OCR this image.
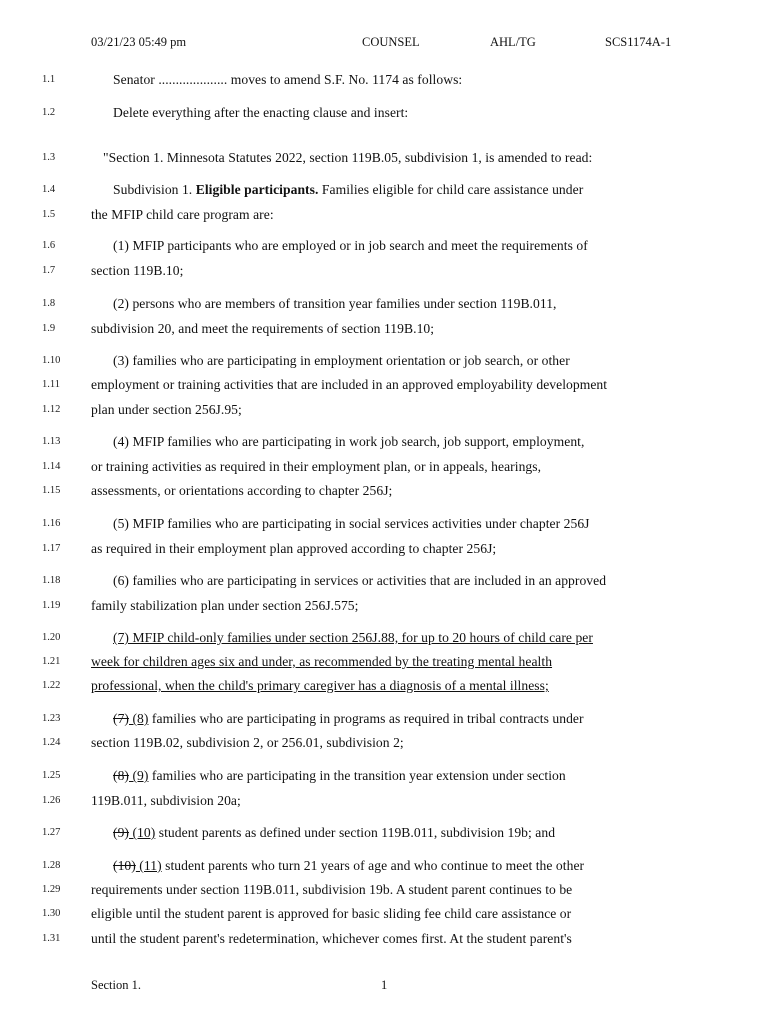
03/21/23 05:49 pm	COUNSEL	AHL/TG	SCS1174A-1
1.1	Senator .................... moves to amend S.F. No. 1174 as follows:
1.2	Delete everything after the enacting clause and insert:
1.3	"Section 1. Minnesota Statutes 2022, section 119B.05, subdivision 1, is amended to read:
1.4	Subdivision 1. Eligible participants. Families eligible for child care assistance under
1.5	the MFIP child care program are:
1.6	(1) MFIP participants who are employed or in job search and meet the requirements of
1.7	section 119B.10;
1.8	(2) persons who are members of transition year families under section 119B.011,
1.9	subdivision 20, and meet the requirements of section 119B.10;
1.10	(3) families who are participating in employment orientation or job search, or other
1.11 employment or training activities that are included in an approved employability development
1.12 plan under section 256J.95;
1.13	(4) MFIP families who are participating in work job search, job support, employment,
1.14 or training activities as required in their employment plan, or in appeals, hearings,
1.15 assessments, or orientations according to chapter 256J;
1.16	(5) MFIP families who are participating in social services activities under chapter 256J
1.17 as required in their employment plan approved according to chapter 256J;
1.18	(6) families who are participating in services or activities that are included in an approved
1.19 family stabilization plan under section 256J.575;
1.20	(7) MFIP child-only families under section 256J.88, for up to 20 hours of child care per
1.21 week for children ages six and under, as recommended by the treating mental health
1.22 professional, when the child's primary caregiver has a diagnosis of a mental illness;
1.23	(7) (8) families who are participating in programs as required in tribal contracts under
1.24 section 119B.02, subdivision 2, or 256.01, subdivision 2;
1.25	(8) (9) families who are participating in the transition year extension under section
1.26 119B.011, subdivision 20a;
1.27	(9) (10) student parents as defined under section 119B.011, subdivision 19b; and
1.28	(10) (11) student parents who turn 21 years of age and who continue to meet the other
1.29 requirements under section 119B.011, subdivision 19b. A student parent continues to be
1.30 eligible until the student parent is approved for basic sliding fee child care assistance or
1.31 until the student parent's redetermination, whichever comes first. At the student parent's
Section 1.	1
